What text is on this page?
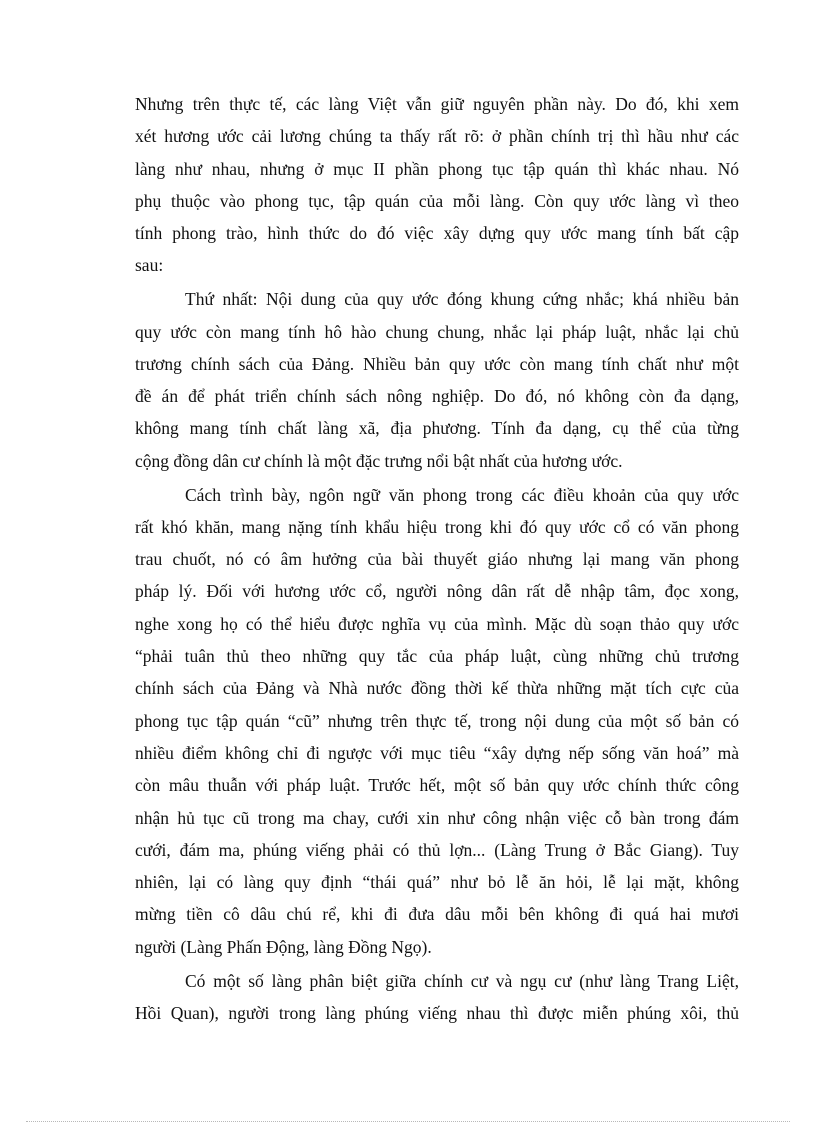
Nhưng trên thực tế, các làng Việt vẫn giữ nguyên phần này. Do đó, khi xem
xét hương ước cải lương chúng ta thấy rất rõ: ở phần chính trị thì hầu như các
làng như nhau, nhưng ở mục II phần phong tục tập quán thì khác nhau. Nó
phụ thuộc vào phong tục, tập quán của mỗi làng. Còn quy ước làng vì theo
tính phong trào, hình thức do đó việc xây dựng quy ước mang tính bất cập
sau:
Thứ nhất: Nội dung của quy ước đóng khung cứng nhắc; khá nhiều bản
quy ước còn mang tính hô hào chung chung, nhắc lại pháp luật, nhắc lại chủ
trương chính sách của Đảng. Nhiều bản quy ước còn mang tính chất như một
đề án để phát triển chính sách nông nghiệp. Do đó, nó không còn đa dạng,
không mang tính chất làng xã, địa phương. Tính đa dạng, cụ thể của từng
cộng đồng dân cư chính là một đặc trưng nổi bật nhất của hương ước.
Cách trình bày, ngôn ngữ văn phong trong các điều khoản của quy ước
rất khó khăn, mang nặng tính khẩu hiệu trong khi đó quy ước cổ có văn phong
trau chuốt, nó có âm hưởng của bài thuyết giáo nhưng lại mang văn phong
pháp lý. Đối với hương ước cổ, người nông dân rất dễ nhập tâm, đọc xong,
nghe xong họ có thể hiểu được nghĩa vụ của mình. Mặc dù soạn thảo quy ước
“phải tuân thủ theo những quy tắc của pháp luật, cùng những chủ trương
chính sách của Đảng và Nhà nước đồng thời kế thừa những mặt tích cực của
phong tục tập quán “cũ” nhưng trên thực tế, trong nội dung của một số bản có
nhiều điểm không chỉ đi ngược với mục tiêu “xây dựng nếp sống văn hoá” mà
còn mâu thuẫn với pháp luật. Trước hết, một số bản quy ước chính thức công
nhận hủ tục cũ trong ma chay, cưới xin như công nhận việc cỗ bàn trong đám
cưới, đám ma, phúng viếng phải có thủ lợn... (Làng Trung ở Bắc Giang). Tuy
nhiên, lại có làng quy định “thái quá” như bỏ lễ ăn hỏi, lễ lại mặt, không
mừng tiền cô dâu chú rể, khi đi đưa dâu mỗi bên không đi quá hai mươi
người (Làng Phấn Động, làng Đồng Ngọ).
Có một số làng phân biệt giữa chính cư và ngụ cư (như làng Trang Liệt,
Hồi Quan), người trong làng phúng viếng nhau thì được miễn phúng xôi, thủ
